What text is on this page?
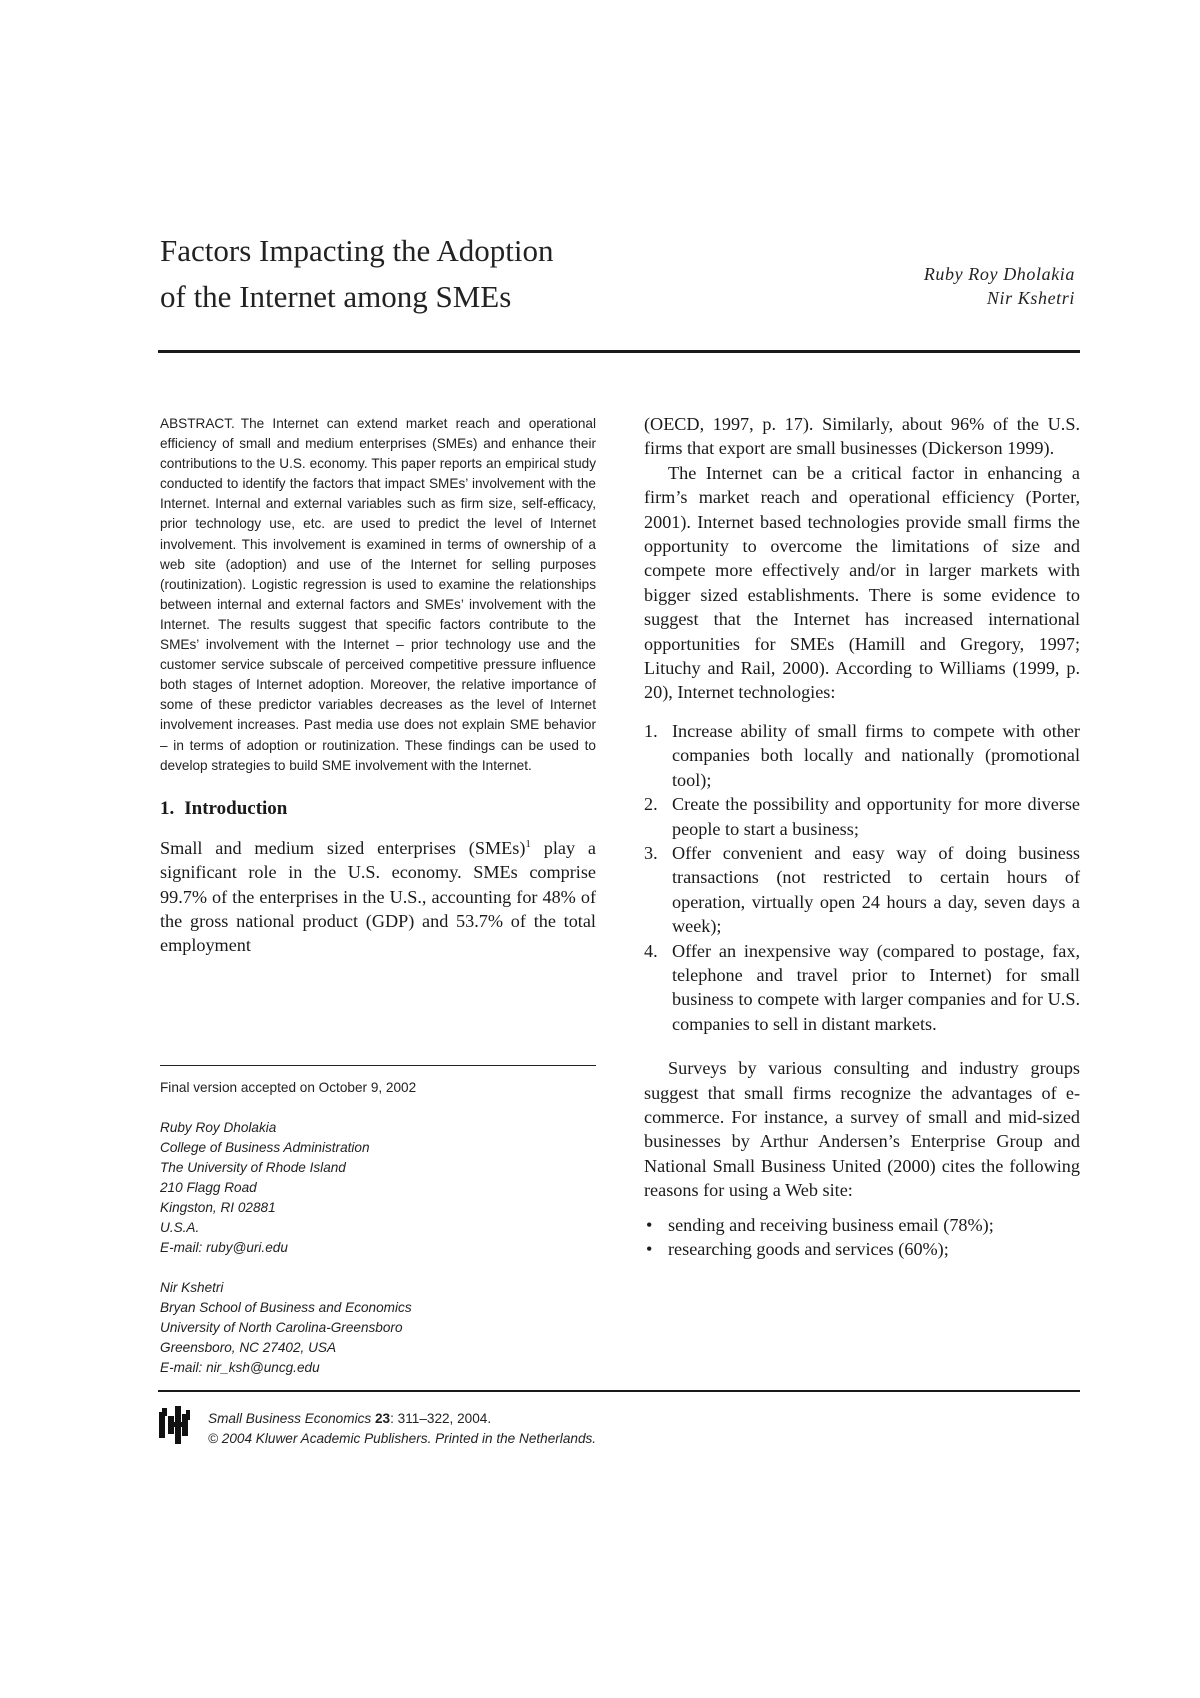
Factors Impacting the Adoption
of the Internet among SMEs
Ruby Roy Dholakia
Nir Kshetri

ABSTRACT. The Internet can extend market reach and operational efficiency of small and medium enterprises (SMEs) and enhance their contributions to the U.S. economy. This paper reports an empirical study conducted to identify the factors that impact SMEs’ involvement with the Internet. Internal and external variables such as firm size, self-efficacy, prior technology use, etc. are used to predict the level of Internet involvement. This involvement is examined in terms of ownership of a web site (adoption) and use of the Internet for selling purposes (routinization). Logistic regression is used to examine the relationships between internal and external factors and SMEs’ involvement with the Internet. The results suggest that specific factors contribute to the SMEs’ involvement with the Internet – prior technology use and the customer service subscale of perceived competitive pressure influence both stages of Internet adoption. Moreover, the relative importance of some of these predictor variables decreases as the level of Internet involvement increases. Past media use does not explain SME behavior – in terms of adoption or routinization. These findings can be used to develop strategies to build SME involvement with the Internet.

1. Introduction

Small and medium sized enterprises (SMEs)$^1$ play a significant role in the U.S. economy. SMEs comprise 99.7% of the enterprises in the U.S., accounting for 48% of the gross national product (GDP) and 53.7% of the total employment

Final version accepted on October 9, 2002
Ruby Roy Dholakia
College of Business Administration
The University of Rhode Island
210 Flagg Road
Kingston, RI 02881
U.S.A.
E-mail: ruby@uri.edu
Nir Kshetri
Bryan School of Business and Economics
University of North Carolina-Greensboro
Greensboro, NC 27402, USA
E-mail: nir_ksh@uncg.edu

(OECD, 1997, p. 17). Similarly, about 96% of the U.S. firms that export are small businesses (Dickerson 1999).

The Internet can be a critical factor in enhancing a firm’s market reach and operational efficiency (Porter, 2001). Internet based technologies provide small firms the opportunity to overcome the limitations of size and compete more effectively and/or in larger markets with bigger sized establishments. There is some evidence to suggest that the Internet has increased international opportunities for SMEs (Hamill and Gregory, 1997; Lituchy and Rail, 2000). According to Williams (1999, p. 20), Internet technologies:

1. Increase ability of small firms to compete with other companies both locally and nationally (promotional tool);
2. Create the possibility and opportunity for more diverse people to start a business;
3. Offer convenient and easy way of doing business transactions (not restricted to certain hours of operation, virtually open 24 hours a day, seven days a week);
4. Offer an inexpensive way (compared to postage, fax, telephone and travel prior to Internet) for small business to compete with larger companies and for U.S. companies to sell in distant markets.

Surveys by various consulting and industry groups suggest that small firms recognize the advantages of e-commerce. For instance, a survey of small and mid-sized businesses by Arthur Andersen’s Enterprise Group and National Small Business United (2000) cites the following reasons for using a Web site:

• sending and receiving business email (78%);
• researching goods and services (60%);
Small Business Economics 23: 311–322, 2004.
© 2004 Kluwer Academic Publishers. Printed in the Netherlands.
